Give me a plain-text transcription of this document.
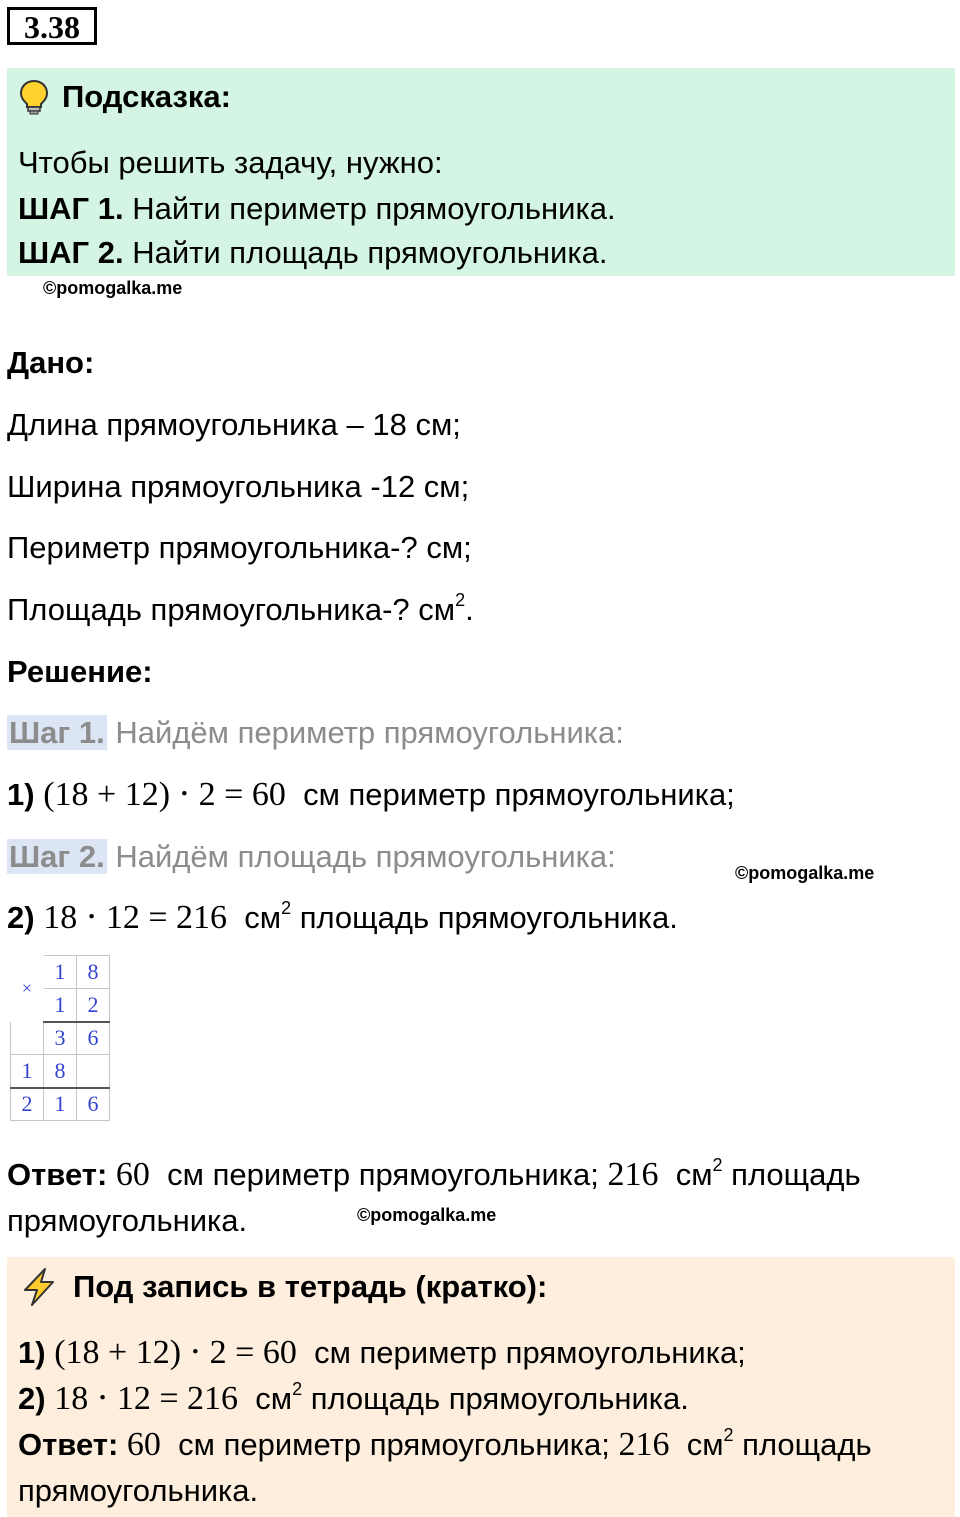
3.38
Подсказка:
Чтобы решить задачу, нужно:
ШАГ 1. Найти периметр прямоугольника.
ШАГ 2. Найти площадь прямоугольника.
©pomogalka.me
Дано:
Длина прямоугольника – 18 см;
Ширина прямоугольника -12 см;
Периметр прямоугольника-? см;
Площадь прямоугольника-? $см^2$.
Решение:
Шаг 1. Найдём периметр прямоугольника:
1) (18 + 12) ⋅ 2 = 60 см периметр прямоугольника;
Шаг 2. Найдём площадь прямоугольника:	©pomogalka.me
2) 18 ⋅ 12 = 216 $см^2$ площадь прямоугольника.
×	1	8
	1	2
	3	6
1	8	
2	1	6
Ответ: 60 см периметр прямоугольника; 216 $см^2$ площадь
прямоугольника.	©pomogalka.me
Под запись в тетрадь (кратко):
1) (18 + 12) ⋅ 2 = 60 см периметр прямоугольника;
2) 18 ⋅ 12 = 216 $см^2$ площадь прямоугольника.
Ответ: 60 см периметр прямоугольника; 216 $см^2$ площадь
прямоугольника.
